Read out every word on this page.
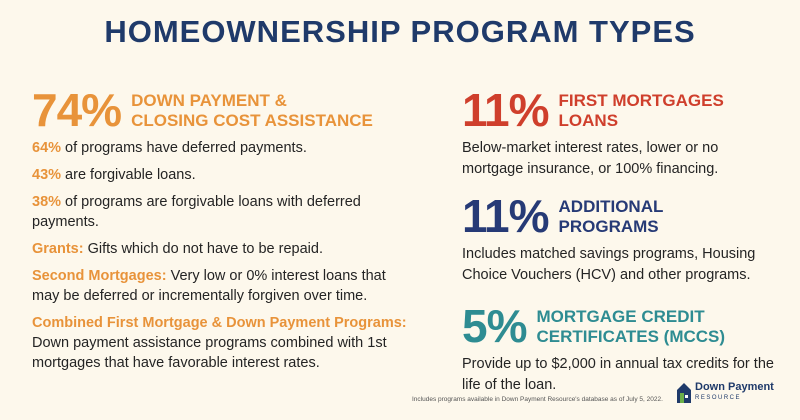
HOMEOWNERSHIP PROGRAM TYPES
74% DOWN PAYMENT &
CLOSING COST ASSISTANCE
64% of programs have deferred payments.
43% are forgivable loans.
38% of programs are forgivable loans with deferred payments.
Grants: Gifts which do not have to be repaid.
Second Mortgages: Very low or 0% interest loans that may be deferred or incrementally forgiven over time.
Combined First Mortgage & Down Payment Programs: Down payment assistance programs combined with 1st mortgages that have favorable interest rates.
11% FIRST MORTGAGES
LOANS
Below-market interest rates, lower or no mortgage insurance, or 100% financing.
11% ADDITIONAL
PROGRAMS
Includes matched savings programs, Housing Choice Vouchers (HCV) and other programs.
5% MORTGAGE CREDIT
CERTIFICATES (MCCS)
Provide up to $2,000 in annual tax credits for the life of the loan.
Includes programs available in Down Payment Resource's database as of July 5, 2022.
Down Payment
RESOURCE
